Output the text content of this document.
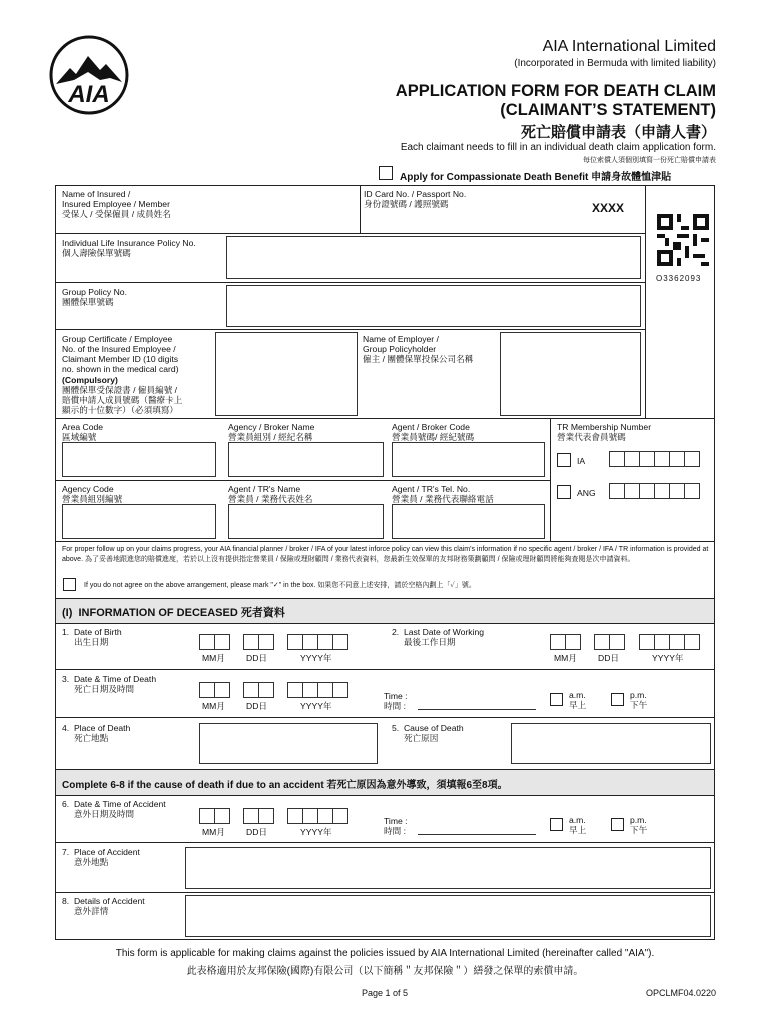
AIA
AIA International Limited
(Incorporated in Bermuda with limited liability)
APPLICATION FORM FOR DEATH CLAIM
(CLAIMANT’S STATEMENT)
死亡賠償申請表（申請人書）
Each claimant needs to fill in an individual death claim application form.
每位索償人須個別填寫一份死亡賠償申請表
Apply for Compassionate Death Benefit 申請身故體恤津貼
O3362093
Name of Insured /
Insured Employee / Member
受保人 / 受保僱員 / 成員姓名
ID Card No. / Passport No.
身份證號碼 / 護照號碼	XXXX
Individual Life Insurance Policy No.
個人壽險保單號碼
Group Policy No.
團體保單號碼
Group Certificate / Employee
No. of the Insured Employee /
Claimant Member ID (10 digits
no. shown in the medical card)
(Compulsory)
團體保單受保證書 / 僱員編號 /
賠償申請人成員號碼（醫療卡上
顯示的十位數字）（必須填寫）
Name of Employer /
Group Policyholder
僱主 / 團體保單投保公司名稱
Area Code
區域編號
Agency / Broker Name
營業員組別 / 經紀名稱
Agent / Broker Code
營業員號碼/ 經紀號碼
TR Membership Number
營業代表會員號碼
IA
Agency Code
營業員組別編號
Agent / TR's Name
營業員 / 業務代表姓名
Agent / TR's Tel. No.
營業員 / 業務代表聯絡電話
ANG
For proper follow up on your claims progress, your AIA financial planner / broker / IFA of your latest inforce policy can view this claim's information if no specific agent / broker / IFA / TR information is provided at above. 為了妥善地跟進您的賠償進度，若於以上沒有提供指定營業員 / 保險或理財顧問 / 業務代表資料，您最新生效保單的友邦財務策劃顧問 / 保險或理財顧問將能夠查閱是次申請資料。
If you do not agree on the above arrangement, please mark "✓" in the box. 如果您不同意上述安排，請於空格內劃上「✓」號。
(I)  INFORMATION OF DECEASED 死者資料
1.  Date of Birth
出生日期
MM月 DD日	YYYY年
2.  Last Date of Working
最後工作日期
MM月 DD日	YYYY年
3.  Date & Time of Death
死亡日期及時間
MM月 DD日	YYYY年
Time :
時間 :
a.m.
早上
p.m.
下午
4.  Place of Death
死亡地點
5.  Cause of Death
死亡原因
Complete 6-8 if the cause of death if due to an accident 若死亡原因為意外導致，須填報6至8項。
6.  Date & Time of Accident
意外日期及時間
MM月 DD日	YYYY年
Time :
時間 :
a.m.
早上
p.m.
下午
7.  Place of Accident
意外地點
8.  Details of Accident
意外詳情
This form is applicable for making claims against the policies issued by AIA International Limited (hereinafter called "AIA").
此表格適用於友邦保險(國際)有限公司（以下簡稱＂友邦保險＂）繕發之保單的索償申請。
Page 1 of 5	OPCLMF04.0220
